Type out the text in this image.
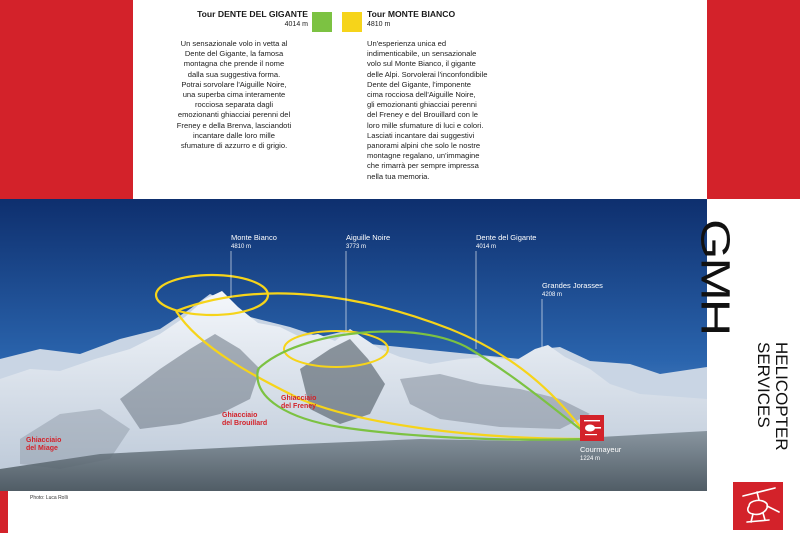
Tour DENTE DEL GIGANTE
4014 m
Un sensazionale volo in vetta al
Dente del Gigante, la famosa
montagna che prende il nome
dalla sua suggestiva forma.
Potrai sorvolare l'Aiguille Noire,
una superba cima interamente
rocciosa separata dagli
emozionanti ghiacciai perenni del
Freney e della Brenva, lasciandoti
incantare dalle loro mille
sfumature di azzurro e di grigio.
Tour MONTE BIANCO
4810 m
Un'esperienza unica ed
indimenticabile, un sensazionale
volo sul Monte Bianco, il gigante
delle Alpi. Sorvolerai l'inconfondibile
Dente del Gigante, l'imponente
cima rocciosa dell'Aiguille Noire,
gli emozionanti ghiacciai perenni
del Freney e del Brouillard con le
loro mille sfumature di luci e colori.
Lasciati incantare dai suggestivi
panorami alpini che solo le nostre
montagne regalano, un'immagine
che rimarrà per sempre impressa
nella tua memoria.
Monte Bianco
4810 m
Aiguille Noire
3773 m
Dente del Gigante
4014 m
Grandes Jorasses
4208 m
Ghiacciaio
del Miage
Ghiacciaio
del Brouillard
Ghiacciaio
del Freney
Courmayeur
1224 m
Photo: Luca Rolli
GMH
HELICOPTER
SERVICES
